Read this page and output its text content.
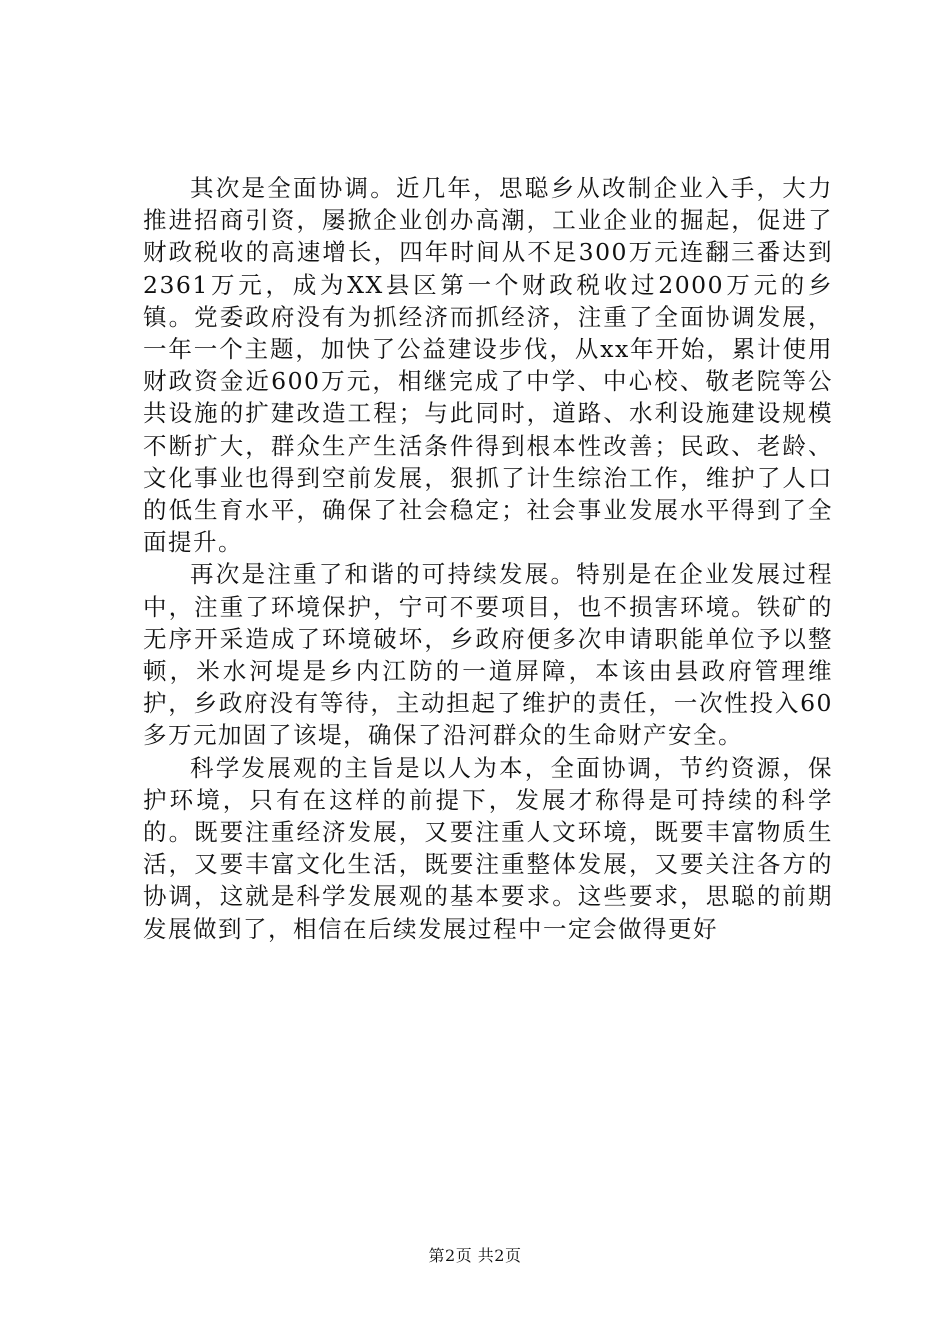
其次是全面协调。近几年，思聪乡从改制企业入手，大力推进招商引资，屡掀企业创办高潮，工业企业的掘起，促进了财政税收的高速增长，四年时间从不足300万元连翻三番达到2361万元，成为XX县区第一个财政税收过2000万元的乡镇。党委政府没有为抓经济而抓经济，注重了全面协调发展，一年一个主题，加快了公益建设步伐，从xx年开始，累计使用财政资金近600万元，相继完成了中学、中心校、敬老院等公共设施的扩建改造工程；与此同时，道路、水利设施建设规模不断扩大，群众生产生活条件得到根本性改善；民政、老龄、文化事业也得到空前发展，狠抓了计生综治工作，维护了人口的低生育水平，确保了社会稳定；社会事业发展水平得到了全面提升。

再次是注重了和谐的可持续发展。特别是在企业发展过程中，注重了环境保护，宁可不要项目，也不损害环境。铁矿的无序开采造成了环境破坏，乡政府便多次申请职能单位予以整顿，米水河堤是乡内江防的一道屏障，本该由县政府管理维护，乡政府没有等待，主动担起了维护的责任，一次性投入60多万元加固了该堤，确保了沿河群众的生命财产安全。

科学发展观的主旨是以人为本，全面协调，节约资源，保护环境，只有在这样的前提下，发展才称得是可持续的科学的。既要注重经济发展，又要注重人文环境，既要丰富物质生活，又要丰富文化生活，既要注重整体发展，又要关注各方的协调，这就是科学发展观的基本要求。这些要求，思聪的前期发展做到了，相信在后续发展过程中一定会做得更好

第2页 共2页
